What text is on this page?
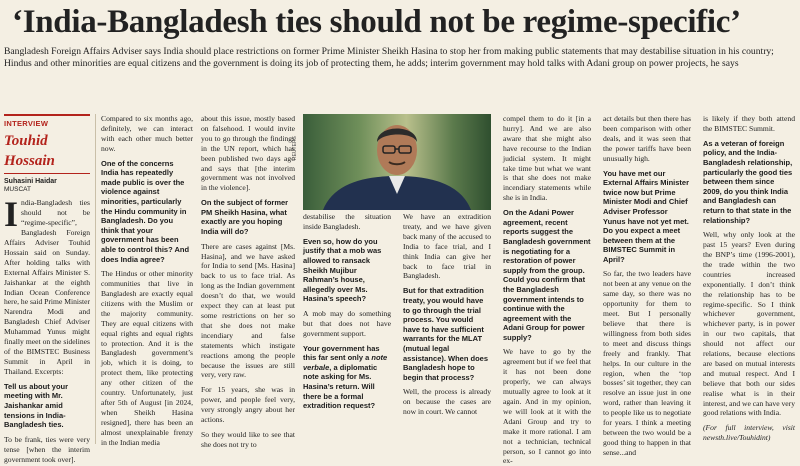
‘India-Bangladesh ties should not be regime-specific’
Bangladesh Foreign Affairs Adviser says India should place restrictions on former Prime Minister Sheikh Hasina to stop her from making public statements that may destabilise situation in his country; Hindus and other minorities are equal citizens and the government is doing its job of protecting them, he adds; interim government may hold talks with Adani group on power projects, he says
INTERVIEW
Touhid Hossain
Suhasini Haidar
MUSCAT

India-Bangladesh ties should not be “regime-specific”, Bangladesh Foreign Affairs Adviser Touhid Hossain said on Sunday. After holding talks with External Affairs Minister S. Jaishankar at the eighth Indian Ocean Conference here, he said Prime Minister Narendra Modi and Bangladesh Chief Adviser Muhammad Yunus might finally meet on the sidelines of the BIMSTEC Business Summit in April in Thailand. Excerpts:

Tell us about your meeting with Mr. Jaishankar amid tensions in India-Bangladesh ties.

To be frank, ties were very tense [when the interim government took over].

Compared to six months ago, definitely, we can interact with each other much better now.

One of the concerns India has repeatedly made public is over the violence against minorities, particularly the Hindu community in Bangladesh. Do you think that your government has been able to control this? And does India agree?

The Hindus or other minority communities that live in Bangladesh are exactly equal citizens with the Muslim or the majority community. They are equal citizens with equal rights and equal rights to protection. And it is the Bangladesh government’s job, which it is doing, to protect them, like protecting any other citizen of the country. Unfortunately, just after 5th of August [in 2024, when Sheikh Hasina resigned], there has been an almost unexplainable frenzy in the Indian media

about this issue, mostly based on falsehood. I would invite you to go through the findings in the UN report, which has been published two days ago and says that [the interim government was not involved in the violence].

On the subject of former PM Sheikh Hasina, what exactly are you hoping India will do?

There are cases against [Ms. Hasina], and we have asked for India to send [Ms. Hasina] back to us to face trial. As long as the Indian government doesn’t do that, we would expect they can at least put some restrictions on her so that she does not make incendiary and false statements which instigate reactions among the people because the issues are still very, very raw.

For 15 years, she was in power, and people feel very, very strongly angry about her actions.

So they would like to see that she does not try to

REUTERS

destabilise the situation inside Bangladesh.

Even so, how do you justify that a mob was allowed to ransack Sheikh Mujibur Rahman’s house, allegedly over Ms. Hasina’s speech?

A mob may do something but that does not have government support.

Your government has this far sent only a note verbale, a diplomatic note asking for Ms. Hasina’s return. Will there be a formal extradition request?

We have an extradition treaty, and we have given back many of the accused to India to face trial, and I think India can give her back to face trial in Bangladesh.

But for that extradition treaty, you would have to go through the trial process. You would have to have sufficient warrants for the MLAT (mutual legal assistance). When does Bangladesh hope to begin that process?

Well, the process is already on because the cases are now in court. We cannot

compel them to do it [in a hurry]. And we are also aware that she might also have recourse to the Indian judicial system. It might take time but what we want is that she does not make incendiary statements while she is in India.

On the Adani Power agreement, recent reports suggest the Bangladesh government is negotiating for a restoration of power supply from the group. Could you confirm that the Bangladesh government intends to continue with the agreement with the Adani Group for power supply?

We have to go by the agreement but if we feel that it has not been done properly, we can always mutually agree to look at it again. And in my opinion, we will look at it with the Adani Group and try to make it more rational. I am not a technician, technical person, so I cannot go into ex-

act details but then there has been comparison with other deals, and it was seen that the power tariffs have been unusually high.

You have met our External Affairs Minister twice now but Prime Minister Modi and Chief Adviser Professor Yunus have not yet met. Do you expect a meet between them at the BIMSTEC Summit in April?

So far, the two leaders have not been at any venue on the same day, so there was no opportunity for them to meet. But I personally believe that there is willingness from both sides to meet and discuss things freely and frankly. That helps. In our culture in the region, when the ‘top bosses’ sit together, they can resolve an issue just in one word, rather than leaving it to people like us to negotiate for years. I think a meeting between the two would be a good thing to happen in that sense...and

is likely if they both attend the BIMSTEC Summit.

As a veteran of foreign policy, and the India-Bangladesh relationship, particularly the good ties between them since 2009, do you think India and Bangladesh can return to that state in the relationship?

Well, why only look at the past 15 years? Even during the BNP’s time (1996-2001), the trade within the two countries increased exponentially. I don’t think the relationship has to be regime-specific. So I think whichever government, whichever party, is in power in our two capitals, that should not affect our relations, because elections are based on mutual interests and mutual respect. And I believe that both our sides realise what is in their interest, and we can have very good relations with India.

(For full interview, visit newsth.live/Touhidint)
